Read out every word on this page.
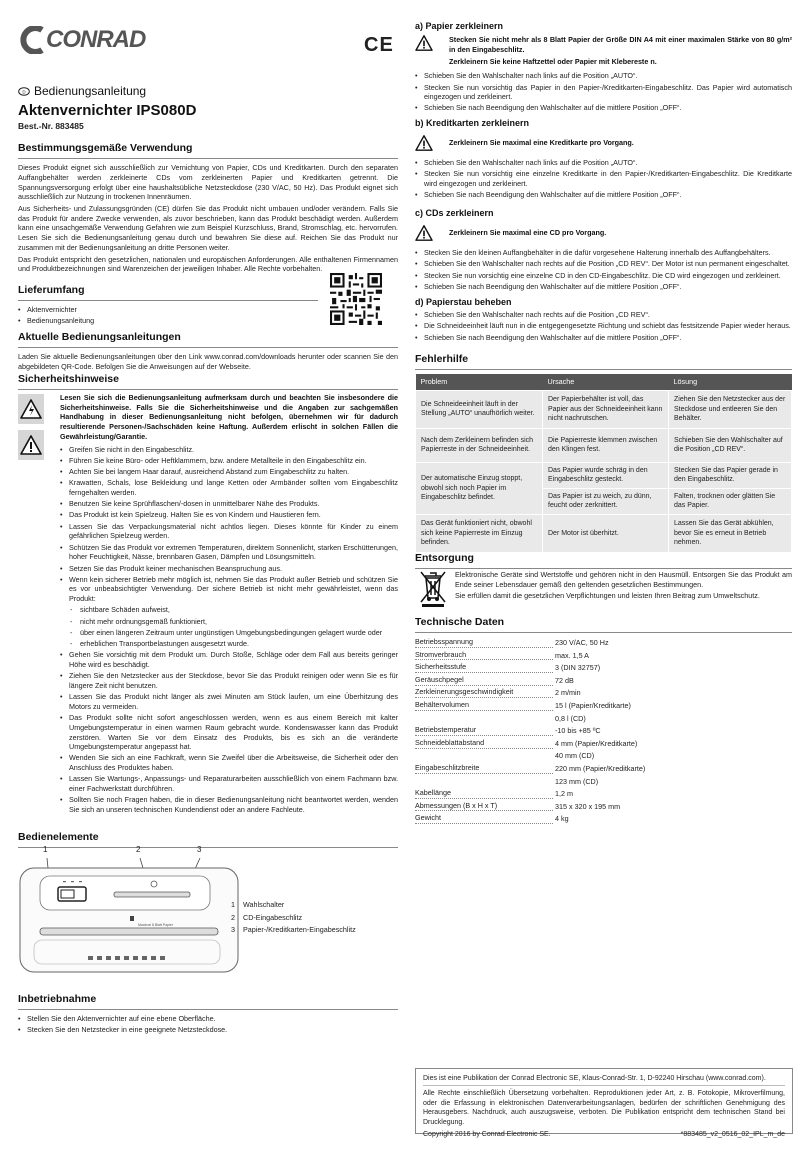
CONRAD
D Bedienungsanleitung
Aktenvernichter IPS080D
Best.-Nr. 883485
Bestimmungsgemäße Verwendung

Dieses Produkt eignet sich ausschließlich zur Vernichtung von Papier, CDs und Kreditkarten. Durch den separaten Auffangbehälter werden zerkleinerte CDs vom zerkleinerten Papier und Kreditkarten getrennt. Die Spannungsversorgung erfolgt über eine haushaltsübliche Netzsteckdose (230 V/AC, 50 Hz). Das Produkt eignet sich ausschließlich zur Nutzung in trockenen Innenräumen.

Aus Sicherheits- und Zulassungsgründen (CE) dürfen Sie das Produkt nicht umbauen und/oder verändern. Falls Sie das Produkt für andere Zwecke verwenden, als zuvor beschrieben, kann das Produkt beschädigt werden. Außerdem kann eine unsachgemäße Verwendung Gefahren wie zum Beispiel Kurzschluss, Brand, Stromschlag, etc. hervorrufen. Lesen Sie sich die Bedienungsanleitung genau durch und bewahren Sie diese auf. Reichen Sie das Produkt nur zusammen mit der Bedienungsanleitung an dritte Personen weiter.

Das Produkt entspricht den gesetzlichen, nationalen und europäischen Anforderungen. Alle enthaltenen Firmennamen und Produktbezeichnungen sind Warenzeichen der jeweiligen Inhaber. Alle Rechte vorbehalten.

Lieferumfang
• Aktenvernichter
• Bedienungsanleitung
Aktuelle Bedienungsanleitungen

Laden Sie aktuelle Bedienungsanleitungen über den Link www.conrad.com/downloads herunter oder scannen Sie den abgebildeten QR-Code. Befolgen Sie die Anweisungen auf der Webseite.

Sicherheitshinweise

Lesen Sie sich die Bedienungsanleitung aufmerksam durch und beachten Sie insbesondere die Sicherheitshinweise. Falls Sie die Sicherheitshinweise und die Angaben zur sachgemäßen Handhabung in dieser Bedienungsanleitung nicht befolgen, übernehmen wir für dadurch resultierende Personen-/Sachschäden keine Haftung. Außerdem erlischt in solchen Fällen die Gewährleistung/Garantie.

• Greifen Sie nicht in den Eingabeschlitz.
• Führen Sie keine Büro- oder Heftklammern, bzw. andere Metallteile in den Eingabeschlitz ein.
• Achten Sie bei langem Haar darauf, ausreichend Abstand zum Eingabeschlitz zu halten.
• Krawatten, Schals, lose Bekleidung und lange Ketten oder Armbänder sollten vom Eingabeschlitz ferngehalten werden.
• Benutzen Sie keine Sprühflaschen/-dosen in unmittelbarer Nähe des Produkts.
• Das Produkt ist kein Spielzeug. Halten Sie es von Kindern und Haustieren fern.
• Lassen Sie das Verpackungsmaterial nicht achtlos liegen. Dieses könnte für Kinder zu einem gefährlichen Spielzeug werden.
• Schützen Sie das Produkt vor extremen Temperaturen, direktem Sonnenlicht, starken Erschütterungen, hoher Feuchtigkeit, Nässe, brennbaren Gasen, Dämpfen und Lösungsmitteln.
• Setzen Sie das Produkt keiner mechanischen Beanspruchung aus.
• Wenn kein sicherer Betrieb mehr möglich ist, nehmen Sie das Produkt außer Betrieb und schützen Sie es vor unbeabsichtigter Verwendung. Der sichere Betrieb ist nicht mehr gewährleistet, wenn das Produkt:
- sichtbare Schäden aufweist,
- nicht mehr ordnungsgemäß funktioniert,
- über einen längeren Zeitraum unter ungünstigen Umgebungsbedingungen gelagert wurde oder
- erheblichen Transportbelastungen ausgesetzt wurde.
• Gehen Sie vorsichtig mit dem Produkt um. Durch Stoße, Schläge oder dem Fall aus bereits geringer Höhe wird es beschädigt.
• Ziehen Sie den Netzstecker aus der Steckdose, bevor Sie das Produkt reinigen oder wenn Sie es für längere Zeit nicht benutzen.
• Lassen Sie das Produkt nicht länger als zwei Minuten am Stück laufen, um eine Überhitzung des Motors zu vermeiden.
• Das Produkt sollte nicht sofort angeschlossen werden, wenn es aus einem Bereich mit kalter Umgebungstemperatur in einen warmen Raum gebracht wurde. Kondenswasser kann das Produkt zerstören. Warten Sie vor dem Einsatz des Produkts, bis es sich an die veränderte Umgebungstemperatur angepasst hat.
• Wenden Sie sich an eine Fachkraft, wenn Sie Zweifel über die Arbeitsweise, die Sicherheit oder den Anschluss des Produktes haben.
• Lassen Sie Wartungs-, Anpassungs- und Reparaturarbeiten ausschließlich von einem Fachmann bzw. einer Fachwerkstatt durchführen.
• Sollten Sie noch Fragen haben, die in dieser Bedienungsanleitung nicht beantwortet werden, wenden Sie sich an unseren technischen Kundendienst oder an andere Fachleute.
Bedienelemente
1	2	3
Maximal 8 Blatt Papier
1 Wahlschalter
2 CD-Eingabeschlitz
3 Papier-/Kreditkarten-Eingabeschlitz
Inbetriebnahme
• Stellen Sie den Aktenvernichter auf eine ebene Oberfläche.
• Stecken Sie den Netzstecker in eine geeignete Netzsteckdose.
CE
a) Papier zerkleinern

Stecken Sie nicht mehr als 8 Blatt Papier der Größe DIN A4 mit einer maximalen Stärke von 80 g/m² in den Eingabeschlitz.

Zerkleinern Sie keine Haftzettel oder Papier mit Klebereste n.

• Schieben Sie den Wahlschalter nach links auf die Position „AUTO“.
• Stecken Sie nun vorsichtig das Papier in den Papier-/Kreditkarten-Eingabeschlitz. Das Papier wird automatisch eingezogen und zerkleinert.
• Schieben Sie nach Beendigung den Wahlschalter auf die mittlere Position „OFF“.
b) Kreditkarten zerkleinern

Zerkleinern Sie maximal eine Kreditkarte pro Vorgang.

• Schieben Sie den Wahlschalter nach links auf die Position „AUTO“.
• Stecken Sie nun vorsichtig eine einzelne Kreditkarte in den Papier-/Kreditkarten-Eingabeschlitz. Die Kreditkarte wird eingezogen und zerkleinert.
• Schieben Sie nach Beendigung den Wahlschalter auf die mittlere Position „OFF“.
c) CDs zerkleinern

Zerkleinern Sie maximal eine CD pro Vorgang.

• Stecken Sie den kleinen Auffangbehälter in die dafür vorgesehene Halterung innerhalb des Auffangbehälters.
• Schieben Sie den Wahlschalter nach rechts auf die Position „CD REV“. Der Motor ist nun permanent eingeschaltet.
• Stecken Sie nun vorsichtig eine einzelne CD in den CD-Eingabeschlitz. Die CD wird eingezogen und zerkleinert.
• Schieben Sie nach Beendigung den Wahlschalter auf die mittlere Position „OFF“.
d) Papierstau beheben
• Schieben Sie den Wahlschalter nach rechts auf die Position „CD REV“.
• Die Schneideeinheit läuft nun in die entgegengesetzte Richtung und schiebt das festsitzende Papier wieder heraus.
• Schieben Sie nach Beendigung den Wahlschalter auf die mittlere Position „OFF“.
Fehlerhilfe
Problem	Ursache	Lösung
Die Schneideeinheit läuft in der Stellung „AUTO“ unaufhörlich weiter.	Der Papierbehälter ist voll, das Papier aus der Schneideeinheit kann nicht nachrutschen.	Ziehen Sie den Netzstecker aus der Steckdose und entleeren Sie den Behälter.
Nach dem Zerkleinern befinden sich Papierreste in der Schneideeinheit.	Die Papierreste klemmen zwischen den Klingen fest.	Schieben Sie den Wahlschalter auf die Position „CD REV“.
Der automatische Einzug stoppt, obwohl sich noch Papier im Eingabeschlitz befindet.	Das Papier wurde schräg in den Eingabeschlitz gesteckt.	Stecken Sie das Papier gerade in den Eingabeschlitz.
	Das Papier ist zu weich, zu dünn, feucht oder zerknittert.	Falten, trocknen oder glätten Sie das Papier.
Das Gerät funktioniert nicht, obwohl sich keine Papierreste im Einzug befinden.	Der Motor ist überhitzt.	Lassen Sie das Gerät abkühlen, bevor Sie es erneut in Betrieb nehmen.
Entsorgung

Elektronische Geräte sind Wertstoffe und gehören nicht in den Hausmüll. Entsorgen Sie das Produkt am Ende seiner Lebensdauer gemäß den geltenden gesetzlichen Bestimmungen.

Sie erfüllen damit die gesetzlichen Verpflichtungen und leisten Ihren Beitrag zum Umweltschutz.

Technische Daten
Betriebsspannung	230 V/AC, 50 Hz
Stromverbrauch	max. 1,5 A
Sicherheitsstufe	3 (DIN 32757)
Geräuschpegel	72 dB
Zerkleinerungsgeschwindigkeit	2 m/min
Behältervolumen	15 l (Papier/Kreditkarte)
0,8 l (CD)
Betriebstemperatur	-10 bis +85 ºC
Schneideblattabstand	4 mm (Papier/Kreditkarte)
40 mm (CD)
Eingabeschlitzbreite	220 mm (Papier/Kreditkarte)
123 mm (CD)
Kabellänge	1,2 m
Abmessungen (B x H x T)	315 x 320 x 195 mm
Gewicht	4 kg

Dies ist eine Publikation der Conrad Electronic SE, Klaus-Conrad-Str. 1, D-92240 Hirschau (www.conrad.com).

Alle Rechte einschließlich Übersetzung vorbehalten. Reproduktionen jeder Art, z. B. Fotokopie, Mikroverfilmung, oder die Erfassung in elektronischen Datenverarbeitungsanlagen, bedürfen der schriftlichen Genehmigung des Herausgebers. Nachdruck, auch auszugsweise, verboten. Die Publikation entspricht dem technischen Stand bei Drucklegung.

Copyright 2016 by Conrad Electronic SE.	*883485_v2_0516_02_IPL_m_de
